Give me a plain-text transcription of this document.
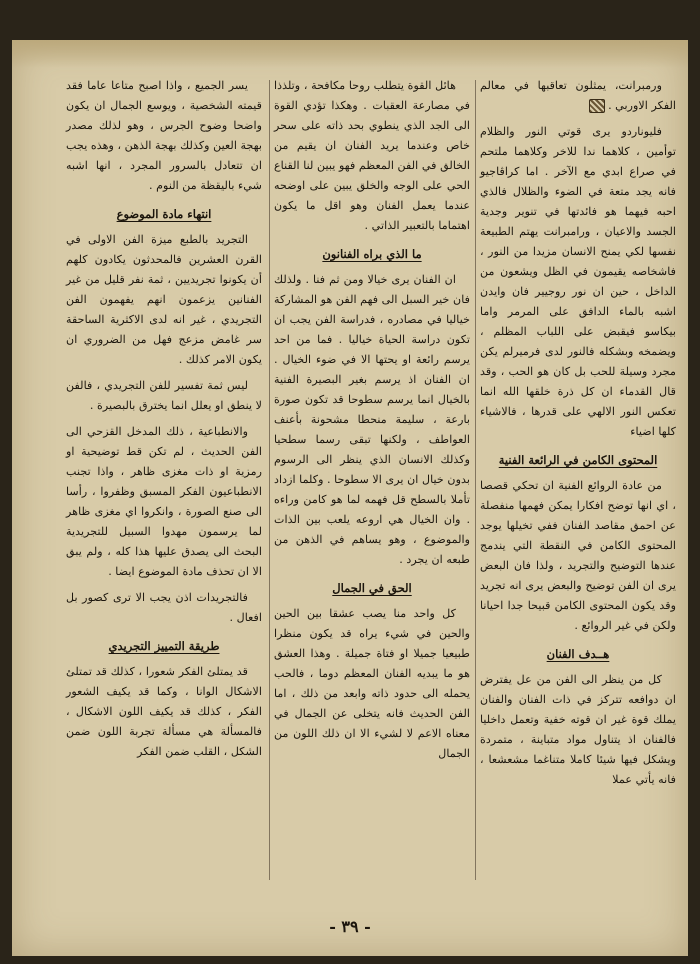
ورمبرانت، يمثلون تعاقبها في معالم الفكر الاوربي .

فليوناردو يرى قوتي النور والظلام توأمين ، كلاهما ندا للاخر وكلاهما ملتحم في صراع ابدي مع الآخر . اما كراڤاجيو فانه يجد متعة في الضوء والظلال فالذي احبه فيهما هو فائدتها في تنوير وجدية الجسد والاعيان ، ورامبرانت يهتم الطبيعة نفسها لكي يمنح الانسان مزيدا من النور ، فاشخاصه يقيمون في الظل ويشعون من الداخل ، حين ان نور روجيير فان وايدن اشبه بالماء الدافق على المرمر واما بيكاسو فيقبض على اللباب المظلم ، ويضمخه وبشكله فالنور لدى فرميرلم يكن مجرد وسيلة للحب بل كان هو الحب ، وقد قال القدماء ان كل ذرة خلقها الله انما تعكس النور الالهي على قدرها ، فالاشياء كلها اضياء

المحتوى الكامن في الرائعة الفنية

من عادة الروائع الفنية ان تحكي قصصا ، اي انها توضح افكارا يمكن فهمها منفصلة عن احمق مقاصد الفنان ففي تخيلها يوجد المحتوى الكامن في النقطة التي يندمج عندها التوضيح والتجريد ، ولذا فان البعض يرى ان الفن توضيح والبعض يرى انه تجريد وقد يكون المحتوى الكامن قبيحا جدا احيانا ولكن في غير الروائع .

هــدف الفنان

كل من ينظر الى الفن من عل يفترض ان دوافعه تتركز في ذات الفنان والفنان يملك قوة غير ان قوته خفية وتعمل داخليا فالفنان اذ يتناول مواد متباينة ، متمردة ويشكل فيها شيئا كاملا متناغما مشعشعا ، فانه يأتي عملا

هائل القوة يتطلب روحا مكافحة ، وتلذذا في مصارعة العقبات . وهكذا تؤدي القوة الى الجد الذي ينطوي بحد ذاته على سحر خاص وعندما يريد الفنان ان يقيم من الخالق في الفن المعظم فهو يبين لنا القناع الحي على الوجه والخلق يبين على اوضحه عندما يعمل الفنان وهو اقل ما يكون اهتماما بالتعبير الذاتي .

ما الذي براه الفنانون

ان الفنان يرى خيالا ومن ثم فنا . ولذلك فان خير السبل الى فهم الفن هو المشاركة خياليا في مصادره ، فدراسة الفن يجب ان تكون دراسة الحياة خياليا . فما من احد يرسم رائعة او يحتها الا في ضوء الخيال . ان الفنان اذ يرسم بغير البصيرة الفنية بالخيال انما يرسم سطوحا قد تكون صورة بارعة ، سليمة منحطا مشحونة بأعنف العواطف ، ولكنها تبقى رسما سطحيا وكذلك الانسان الذي ينظر الى الرسوم بدون خيال ان يرى الا سطوحا . وكلما ازداد تأملا بالسطح قل فهمه لما هو كامن وراءه . وان الخيال هي اروعه يلعب بين الذات والموضوع ، وهو يساهم في الذهن من طبعه ان يجرد .

الحق في الجمال

كل واحد منا يصب عشقا بين الحين والحين في شيء يراه قد يكون منظرا طبيعيا جميلا او فتاة جميلة . وهذا العشق هو ما يبديه الفنان المعظم دوما ، فالحب يحمله الى حدود ذاته وابعد من ذلك ، اما الفن الحديث فانه يتخلى عن الجمال في معناه الاعم لا لشيء الا ان ذلك اللون من الجمال

يسر الجميع ، واذا اصبح متاعا عاما فقد قيمته الشخصية ، ويوسع الجمال ان يكون واضحا وضوح الجرس ، وهو لذلك مصدر بهجة العين وكذلك بهجة الذهن ، وهذه يجب ان تتعادل بالسرور المجرد ، انها اشبه شيء باليقظة من النوم .

انتهاء مادة الموضوع

التجريد بالطبع ميزة الفن الاولى في القرن العشرين فالمحدثون يكادون كلهم أن يكونوا تجريديين ، ثمة نفر قليل من غير الفنانين يزعمون انهم يفهمون الفن التجريدي ، غير انه لدى الاكثرية الساحقة سر غامض مزعج فهل من الضروري ان يكون الامر كذلك .

ليس ثمة تفسير للفن التجريدي ، فالفن لا ينطق او يعلل انما يخترق بالبصيرة .

والانطباعية ، ذلك المدخل القزحي الى الفن الحديث ، لم تكن قط توضيحية او رمزية او ذات مغزى ظاهر ، واذا تجنب الانطباعيون الفكر المسبق وظفروا ، رأسا الى صنع الصورة ، وانكروا اي مغزى ظاهر لما يرسمون مهدوا السبيل للتجريدية البحث الى يصدق عليها هذا كله ، ولم يبق الا ان تحذف مادة الموضوع ايضا .

فالتجريدات اذن يجب الا ترى كصور بل افعال .

طريقة التمييز التجريدي

قد يمتلئ الفكر شعورا ، كذلك قد تمتلئ الاشكال الوانا ، وكما قد يكيف الشعور الفكر ، كذلك قد يكيف اللون الاشكال ، فالمسألة هي مسألة تجربة اللون ضمن الشكل ، القلب ضمن الفكر

- ٣٩ -
